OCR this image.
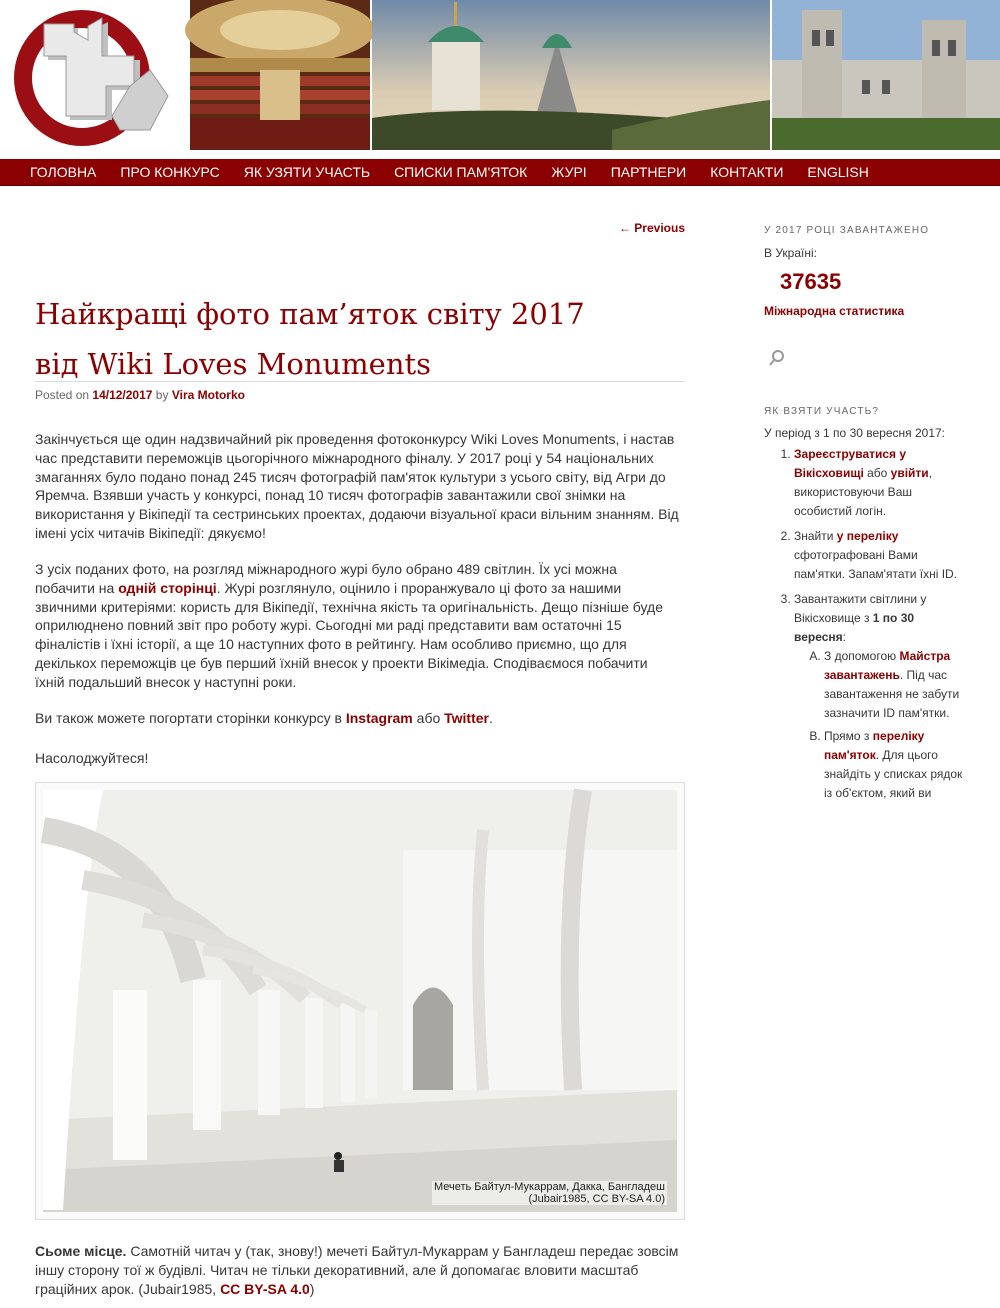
ГОЛОВНА	ПРО КОНКУРС	ЯК УЗЯТИ УЧАСТЬ	СПИСКИ ПАМ'ЯТОК	ЖУРІ	ПАРТНЕРИ	КОНТАКТИ	ENGLISH
← Previous
Найкращі фото пам’яток світу 2017
від Wiki Loves Monuments
Posted on 14/12/2017 by Vira Motorko

Закінчується ще один надзвичайний рік проведення фотоконкурсу Wiki Loves Monuments, і настав час представити переможців цьогорічного міжнародного фіналу. У 2017 році у 54 національних змаганнях було подано понад 245 тисяч фотографій пам'яток культури з усього світу, від Агри до Яремча. Взявши участь у конкурсі, понад 10 тисяч фотографів завантажили свої знімки на використання у Вікіпедії та сестринських проектах, додаючи візуальної краси вільним знанням. Від імені усіх читачів Вікіпедії: дякуємо!

З усіх поданих фото, на розгляд міжнародного журі було обрано 489 світлин. Їх усі можна побачити на одній сторінці. Журі розглянуло, оцінило і проранжувало ці фото за нашими звичними критеріями: користь для Вікіпедії, технічна якість та оригінальність. Дещо пізніше буде оприлюднено повний звіт про роботу журі. Сьогодні ми раді представити вам остаточні 15 фіналістів і їхні історії, а ще 10 наступних фото в рейтингу. Нам особливо приємно, що для декількох переможців це був перший їхній внесок у проекти Вікімедіа. Сподіваємося побачити їхній подальший внесок у наступні роки.

Ви також можете погортати сторінки конкурсу в Instagram або Twitter.

Насолоджуйтеся!

Мечеть Байтул-Мукаррам, Дакка, Бангладеш
(Jubair1985, CC BY-SA 4.0)

Сьоме місце. Самотній читач у (так, знову!) мечеті Байтул-Мукаррам у Бангладеш передає зовсім іншу сторону тої ж будівлі. Читач не тільки декоративний, але й допомагає вловити масштаб граційних арок. (Jubair1985, CC BY-SA 4.0)

У 2017 РОЦІ ЗАВАНТАЖЕНО
В Україні:
37635
Міжнародна статистика
ЯК ВЗЯТИ УЧАСТЬ?
У період з 1 по 30 вересня 2017:
1. Зареєструватися у Вікісховищі або увійти, використовуючи Ваш особистий логін.
2. Знайти у переліку сфотографовані Вами пам'ятки. Запам'ятати їхні ID.
3. Завантажити світлини у Вікісховище з 1 по 30 вересня:
A. З допомогою Майстра завантажень. Під час завантаження не забути зазначити ID пам'ятки.
B. Прямо з переліку пам'яток. Для цього знайдіть у списках рядок із об'єктом, який ви
